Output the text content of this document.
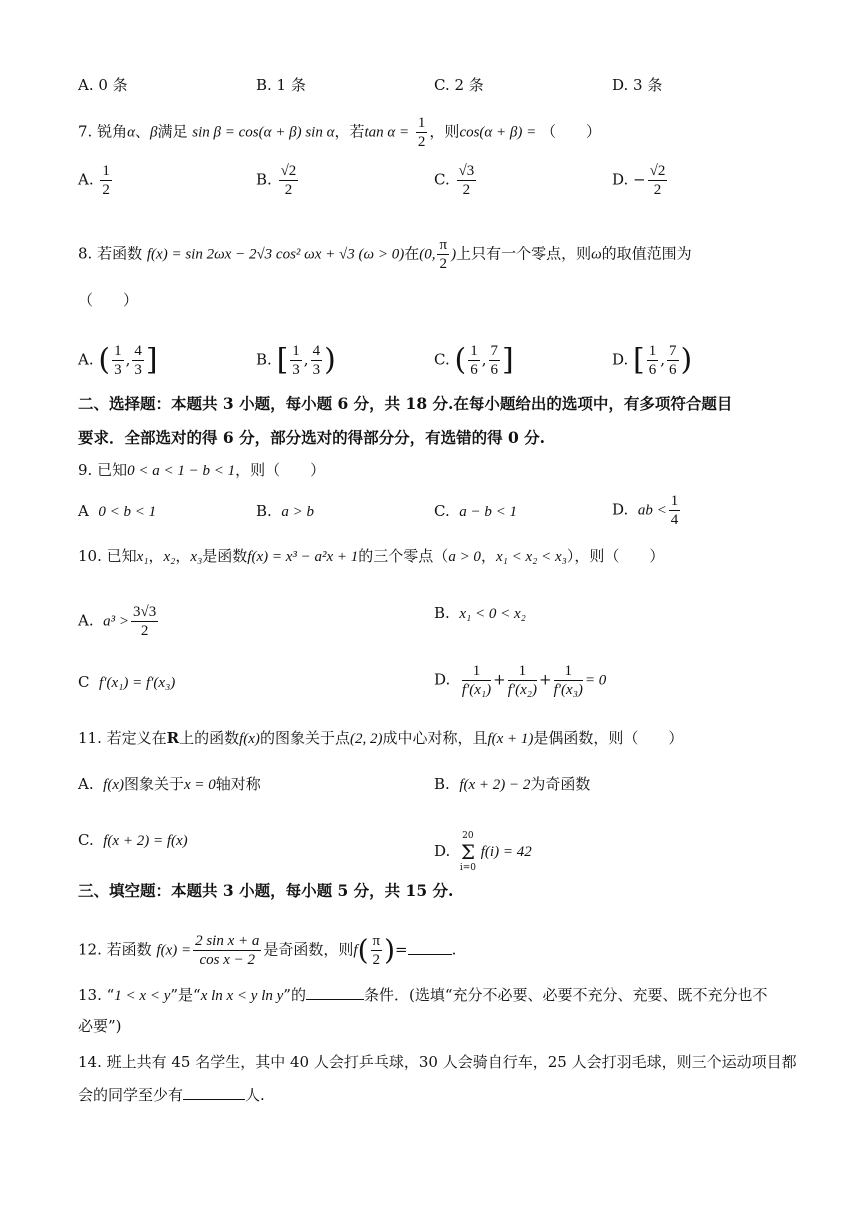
A. 0 条	B. 1 条	C. 2 条	D. 3 条
7. 锐角α、β满足 sin β = cos(α + β) sin α，若$\tan \alpha = \frac{1}{2}$ ，则cos(α + β) = （　　）
A. $\frac{1}{2}$	B. $\frac{√2}{2}$	C. $\frac{√3}{2}$	D. − $\frac{√2}{2}$
8. 若函数 f(x) = sin 2ωx − 2√3 cos² ωx + √3 (ω > 0)在(0, $\frac{\pi}{2}$ )上只有一个零点，则ω的取值范围为
（　　）
A. ( $\frac{1}{3}$ , $\frac{4}{3}$ ]	B. [ $\frac{1}{3}$ , $\frac{4}{3}$ )	C. ( $\frac{1}{6}$ , $\frac{7}{6}$ ]	D. [ $\frac{1}{6}$ , $\frac{7}{6}$ )
二、选择题：本题共 3 小题，每小题 6 分，共 18 分.在每小题给出的选项中，有多项符合题目
要求．全部选对的得 6 分，部分选对的得部分分，有选错的得 0 分.
9. 已知0 < a < 1 − b < 1，则（　　）
A 0 < b < 1	B. a > b	C. a − b < 1	D. ab < $\frac{1}{4}$
10. 已知x₁，x₂，x₃是函数f(x) = x³ − a²x + 1的三个零点（a > 0，x₁ < x₂ < x₃），则（　　）
A. $a^3 > \frac{3√3}{2}$	B. x₁ < 0 < x₂
C f′(x₁) = f′(x₃)	D. $\frac{1}{\text{f′(x₁)}} + \frac{1}{\text{f′(x₂)}} + \frac{1}{\text{f′(x₃)}} = 0$
11. 若定义在R上的函数f(x)的图象关于点(2, 2)成中心对称，且f(x + 1)是偶函数，则（　　）
A. f(x)图象关于x = 0轴对称	B. f(x + 2) − 2为奇函数
C. f(x + 2) = f(x)
D.
20
Σ
i=0
f(i) = 42
三、填空题：本题共 3 小题，每小题 5 分，共 15 分.
12. 若函数 $f(x) = \frac{\text{2 sin x + a}}{\text{cos x − 2}}$ 是奇函数，则$f( \frac{\pi}{2}$ )=	.
13. “1 < x < y”是“x ln x < y ln y”的	条件．(选填“充分不必要、必要不充分、充要、既不充分也不
必要”)
14. 班上共有 45 名学生，其中 40 人会打乒乓球，30 人会骑自行车，25 人会打羽毛球，则三个运动项目都
会的同学至少有	人.
